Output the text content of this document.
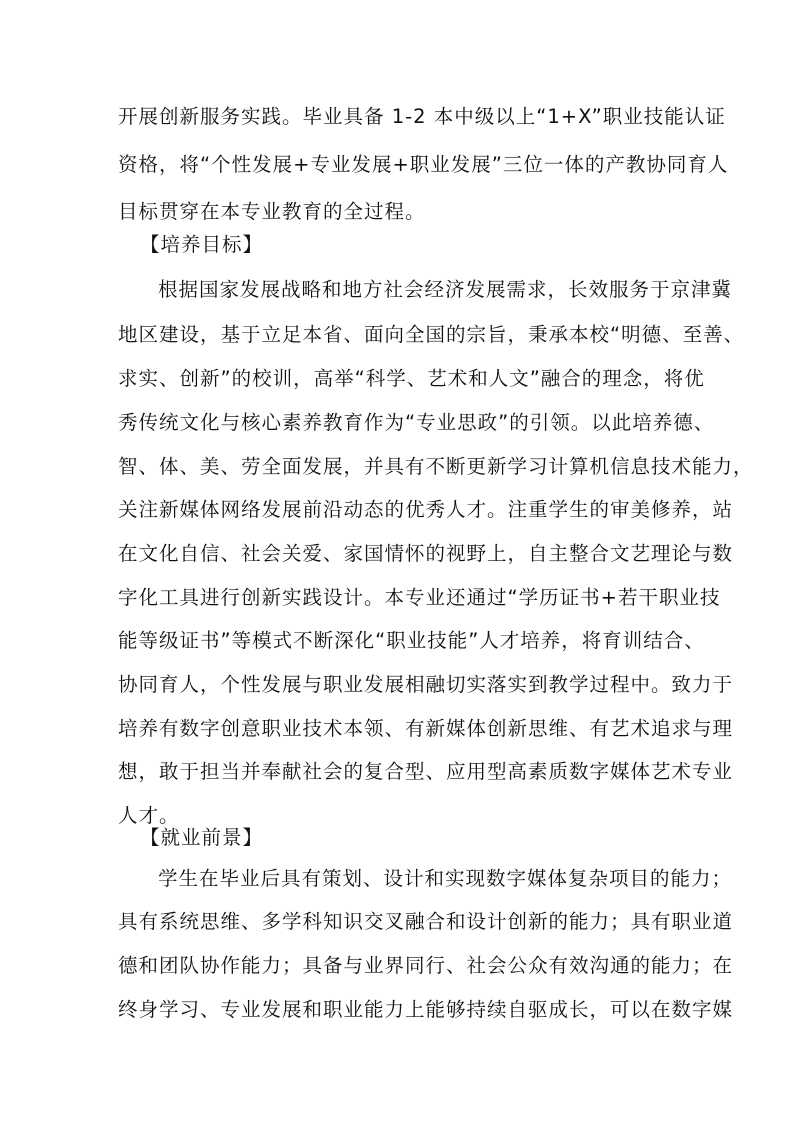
开展创新服务实践。毕业具备 1-2 本中级以上“1+X”职业技能认证
资格，将“个性发展+专业发展+职业发展”三位一体的产教协同育人
目标贯穿在本专业教育的全过程。
【培养目标】
根据国家发展战略和地方社会经济发展需求，长效服务于京津冀
地区建设，基于立足本省、面向全国的宗旨，秉承本校“明德、至善、
求实、创新”的校训，高举“科学、艺术和人文”融合的理念，将优
秀传统文化与核心素养教育作为“专业思政”的引领。以此培养德、
智、体、美、劳全面发展，并具有不断更新学习计算机信息技术能力，
关注新媒体网络发展前沿动态的优秀人才。注重学生的审美修养，站
在文化自信、社会关爱、家国情怀的视野上，自主整合文艺理论与数
字化工具进行创新实践设计。本专业还通过“学历证书+若干职业技
能等级证书”等模式不断深化“职业技能”人才培养，将育训结合、
协同育人，个性发展与职业发展相融切实落实到教学过程中。致力于
培养有数字创意职业技术本领、有新媒体创新思维、有艺术追求与理
想，敢于担当并奉献社会的复合型、应用型高素质数字媒体艺术专业
人才。
【就业前景】
学生在毕业后具有策划、设计和实现数字媒体复杂项目的能力；
具有系统思维、多学科知识交叉融合和设计创新的能力；具有职业道
德和团队协作能力；具备与业界同行、社会公众有效沟通的能力；在
终身学习、专业发展和职业能力上能够持续自驱成长，可以在数字媒
